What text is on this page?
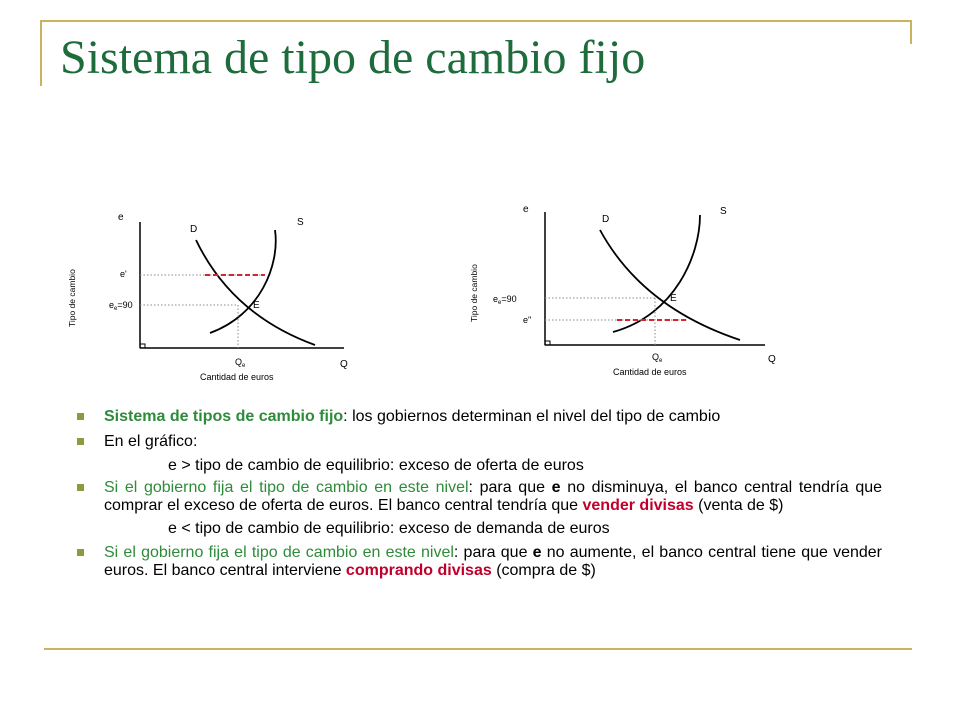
Sistema de tipo de cambio fijo
e
Q
Tipo de cambio
Cantidad de euros
D
S
e'
$e_e=90$	E
$Q_e$
e
Q
Tipo de cambio
Cantidad de euros
D
S
$e_e=90$
e''
E
$Q_e$
Sistema de tipos de cambio fijo: los gobiernos determinan el nivel del tipo de cambio
En el gráfico:
e > tipo de cambio de equilibrio: exceso de oferta de euros
Si el gobierno fija el tipo de cambio en este nivel: para que e no disminuya, el banco central tendría que comprar el exceso de oferta de euros. El banco central tendría que vender divisas (venta de $)
e < tipo de cambio de equilibrio: exceso de demanda de euros
Si el gobierno fija el tipo de cambio en este nivel: para que e no aumente, el banco central tiene que vender euros. El banco central interviene comprando divisas (compra de $)
